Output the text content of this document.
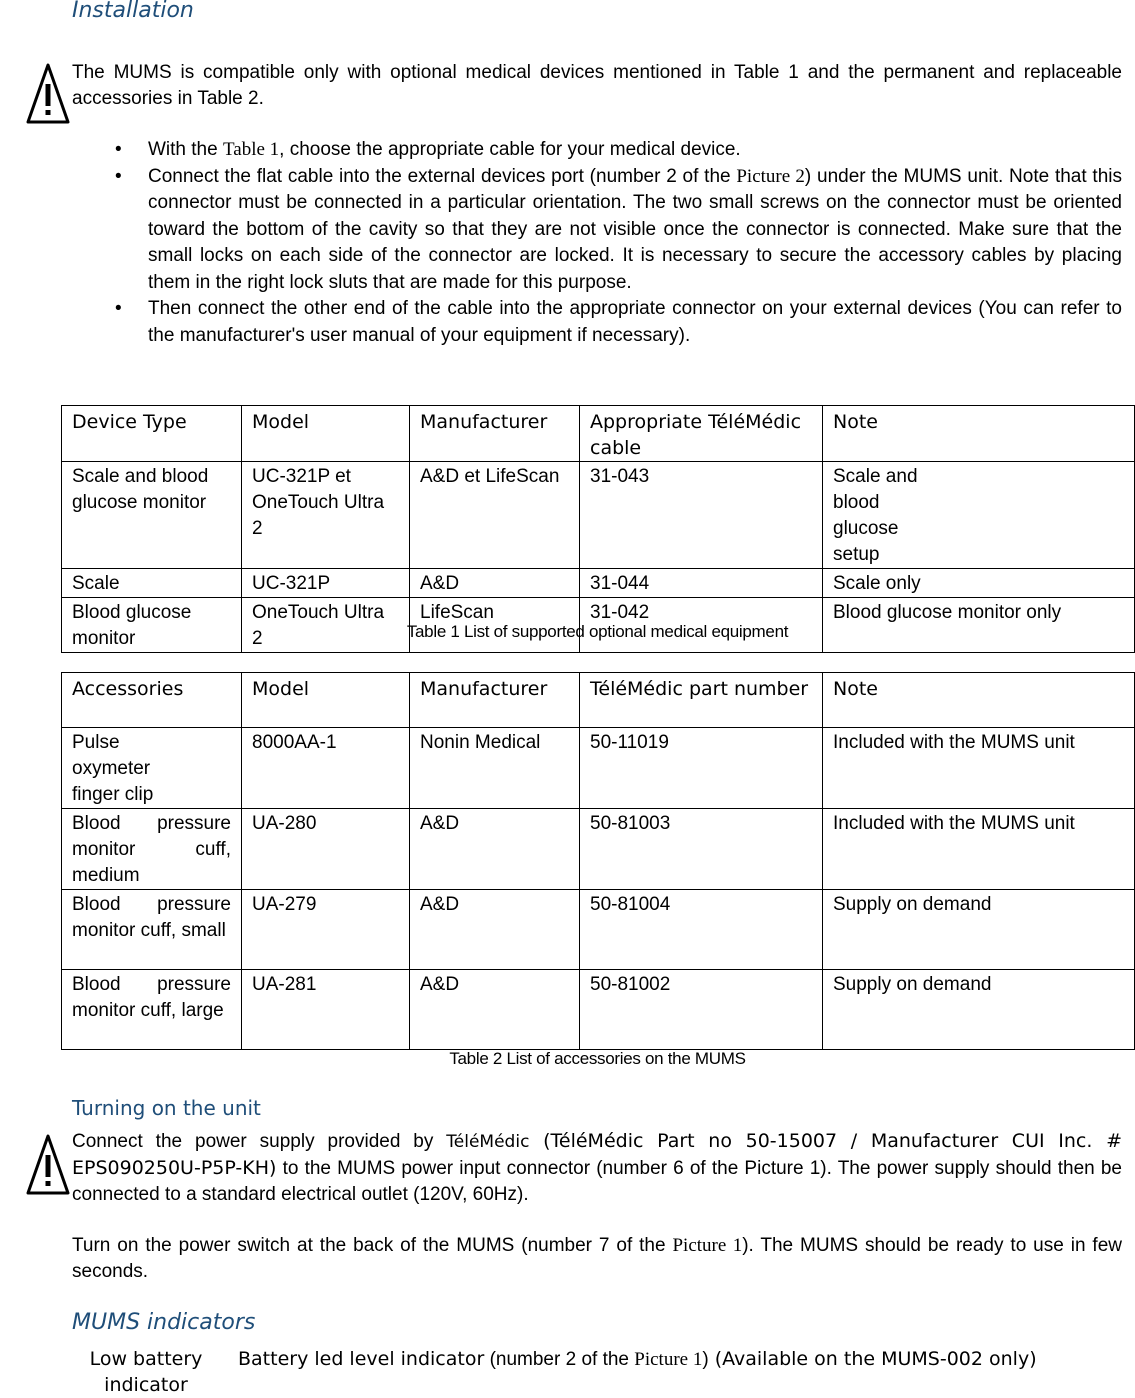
Installation
The MUMS is compatible only with optional medical devices mentioned in Table 1 and the permanent and replaceable accessories in Table 2.
• With the Table 1, choose the appropriate cable for your medical device.
• Connect the flat cable into the external devices port (number 2 of the Picture 2) under the MUMS unit. Note that this connector must be connected in a particular orientation. The two small screws on the connector must be oriented toward the bottom of the cavity so that they are not visible once the connector is connected. Make sure that the small locks on each side of the connector are locked. It is necessary to secure the accessory cables by placing them in the right lock sluts that are made for this purpose.
• Then connect the other end of the cable into the appropriate connector on your external devices (You can refer to the manufacturer's user manual of your equipment if necessary).
Device Type	Model	Manufacturer	Appropriate TéléMédic cable	Note
Scale and blood glucose monitor	UC-321P et OneTouch Ultra 2	A&D et LifeScan	31-043	Scale and blood glucose setup
Scale	UC-321P	A&D	31-044	Scale only
Blood glucose monitor	OneTouch Ultra 2	LifeScan	31-042	Blood glucose monitor only
Table 1 List of supported optional medical equipment
Accessories	Model	Manufacturer	TéléMédic part number	Note
Pulse oxymeter finger clip	8000AA-1	Nonin Medical	50-11019	Included with the MUMS unit
Blood pressure monitor cuff, medium	UA-280	A&D	50-81003	Included with the MUMS unit
Blood pressure monitor cuff, small	UA-279	A&D	50-81004	Supply on demand
Blood pressure monitor cuff, large	UA-281	A&D	50-81002	Supply on demand
Table 2 List of accessories on the MUMS
Turning on the unit
Connect the power supply provided by TéléMédic (TéléMédic Part no 50-15007 / Manufacturer CUI Inc. # EPS090250U-P5P-KH) to the MUMS power input connector (number 6 of the Picture 1). The power supply should then be connected to a standard electrical outlet (120V, 60Hz).
Turn on the power switch at the back of the MUMS (number 7 of the Picture 1). The MUMS should be ready to use in few seconds.
MUMS indicators
Low battery indicator
Battery led level indicator (number 2 of the Picture 1) (Available on the MUMS-002 only)
